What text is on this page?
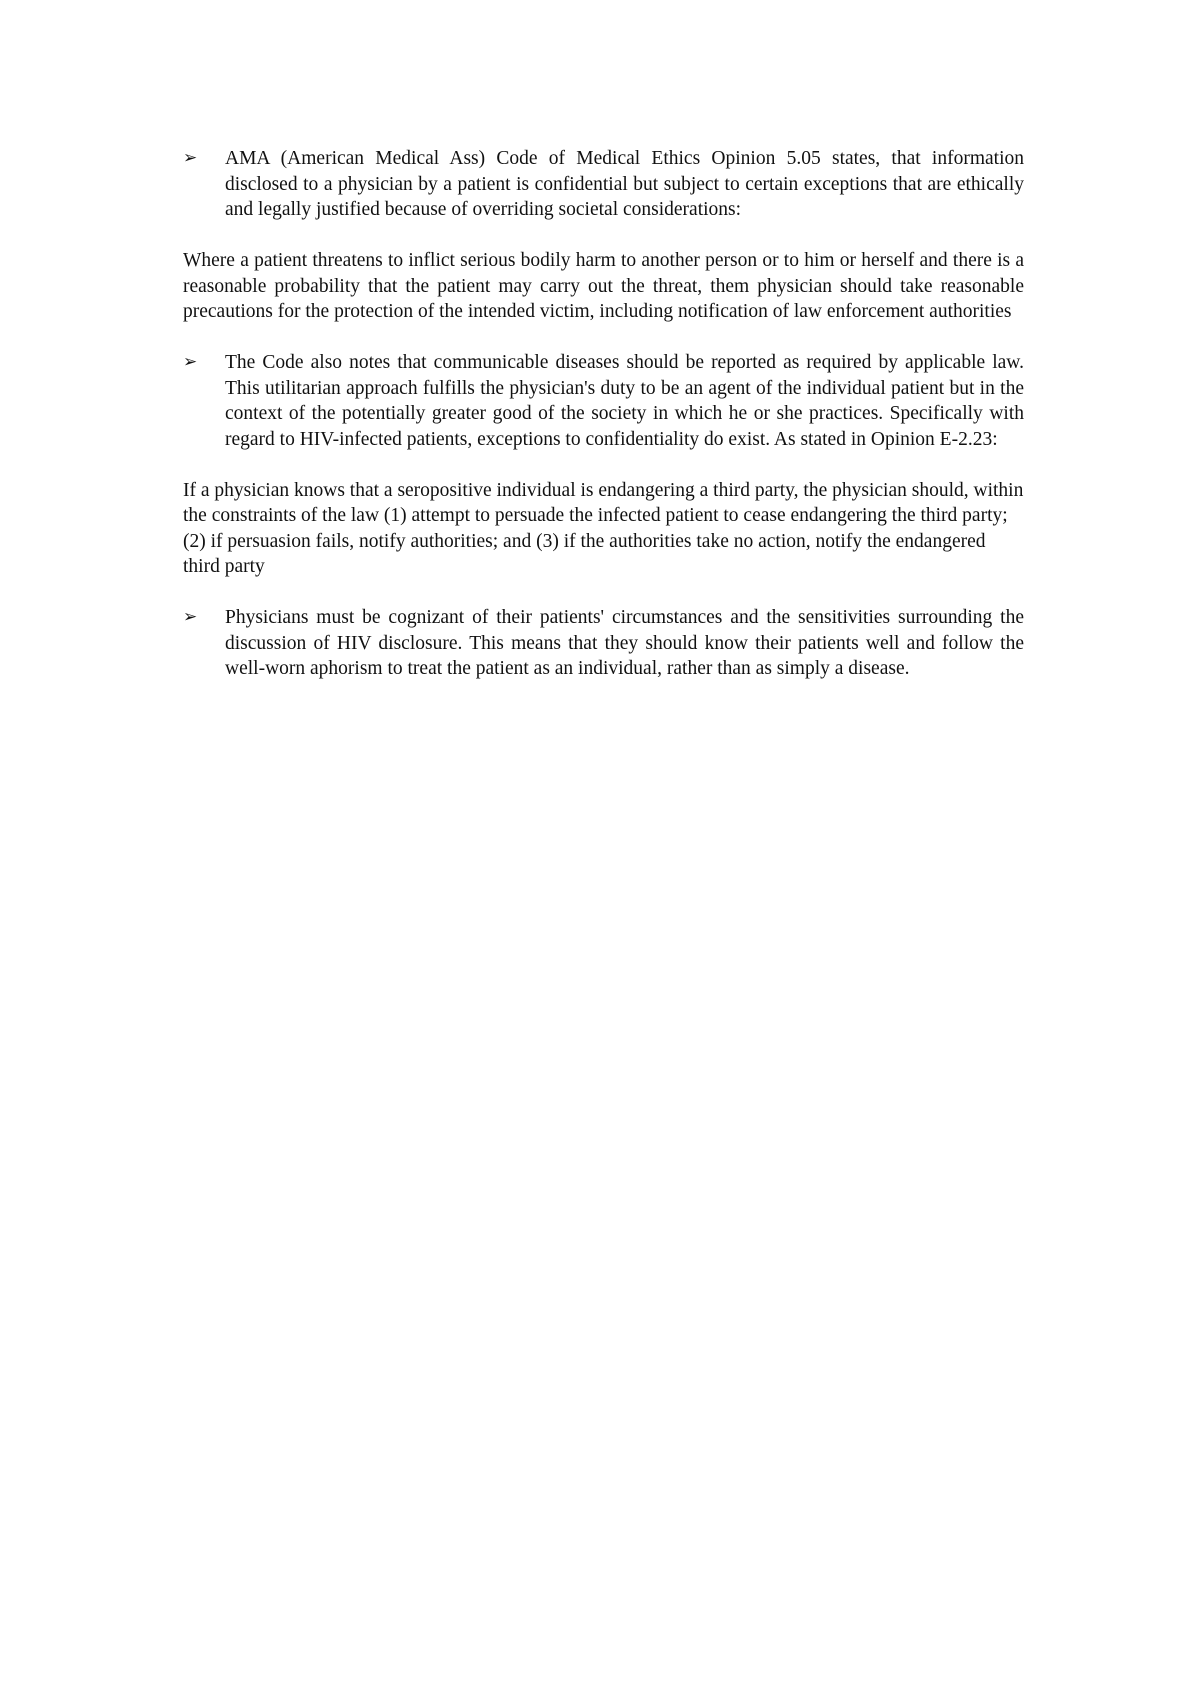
➢ AMA (American Medical Ass) Code of Medical Ethics Opinion 5.05 states, that information disclosed to a physician by a patient is confidential but subject to certain exceptions that are ethically and legally justified because of overriding societal considerations:

Where a patient threatens to inflict serious bodily harm to another person or to him or herself and there is a reasonable probability that the patient may carry out the threat, them physician should take reasonable precautions for the protection of the intended victim, including notification of law enforcement authorities

➢ The Code also notes that communicable diseases should be reported as required by applicable law. This utilitarian approach fulfills the physician's duty to be an agent of the individual patient but in the context of the potentially greater good of the society in which he or she practices. Specifically with regard to HIV-infected patients, exceptions to confidentiality do exist. As stated in Opinion E-2.23:

If a physician knows that a seropositive individual is endangering a third party, the physician should, within the constraints of the law (1) attempt to persuade the infected patient to cease endangering the third party; (2) if persuasion fails, notify authorities; and (3) if the authorities take no action, notify the endangered third party

➢ Physicians must be cognizant of their patients' circumstances and the sensitivities surrounding the discussion of HIV disclosure. This means that they should know their patients well and follow the well-worn aphorism to treat the patient as an individual, rather than as simply a disease.
